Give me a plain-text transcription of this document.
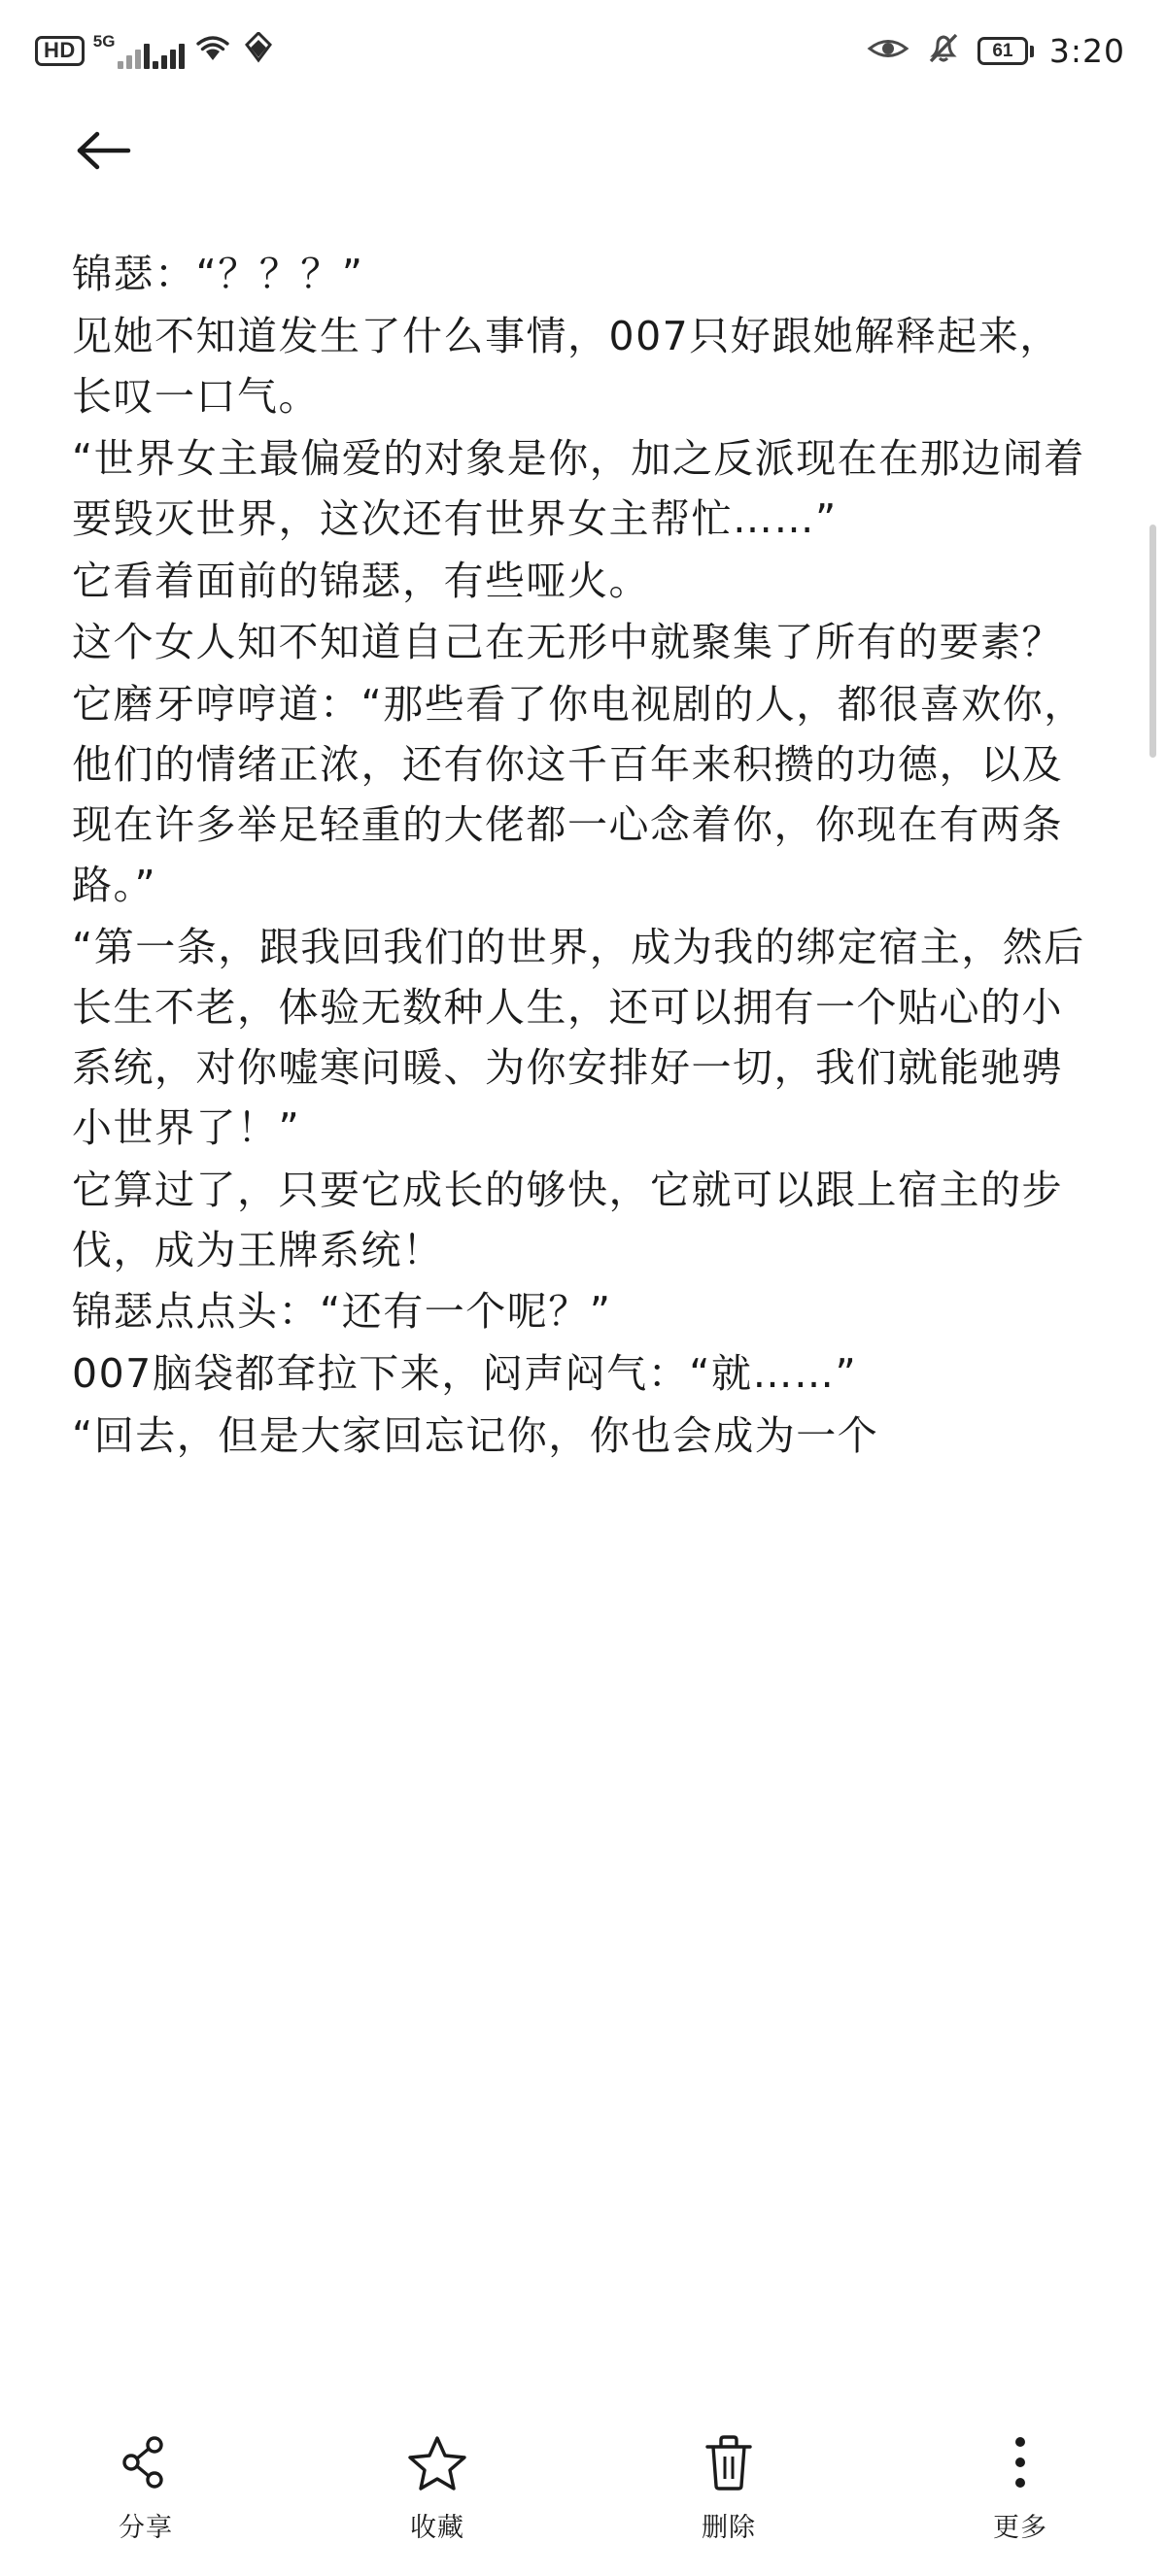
HD	5G	61 3:20

锦瑟：“？？？”

见她不知道发生了什么事情，007只好跟她解释起来，长叹一口气。

“世界女主最偏爱的对象是你，加之反派现在在那边闹着要毁灭世界，这次还有世界女主帮忙……”

它看着面前的锦瑟，有些哑火。

这个女人知不知道自己在无形中就聚集了所有的要素？

它磨牙哼哼道：“那些看了你电视剧的人，都很喜欢你，他们的情绪正浓，还有你这千百年来积攒的功德，以及现在许多举足轻重的大佬都一心念着你，你现在有两条路。”

“第一条，跟我回我们的世界，成为我的绑定宿主，然后长生不老，体验无数种人生，还可以拥有一个贴心的小系统，对你嘘寒问暖、为你安排好一切，我们就能驰骋小世界了！”

它算过了，只要它成长的够快，它就可以跟上宿主的步伐，成为王牌系统！

锦瑟点点头：“还有一个呢？”

007脑袋都耷拉下来，闷声闷气：“就……”

“回去，但是大家回忘记你，你也会成为一个

分享	收藏	删除	更多
